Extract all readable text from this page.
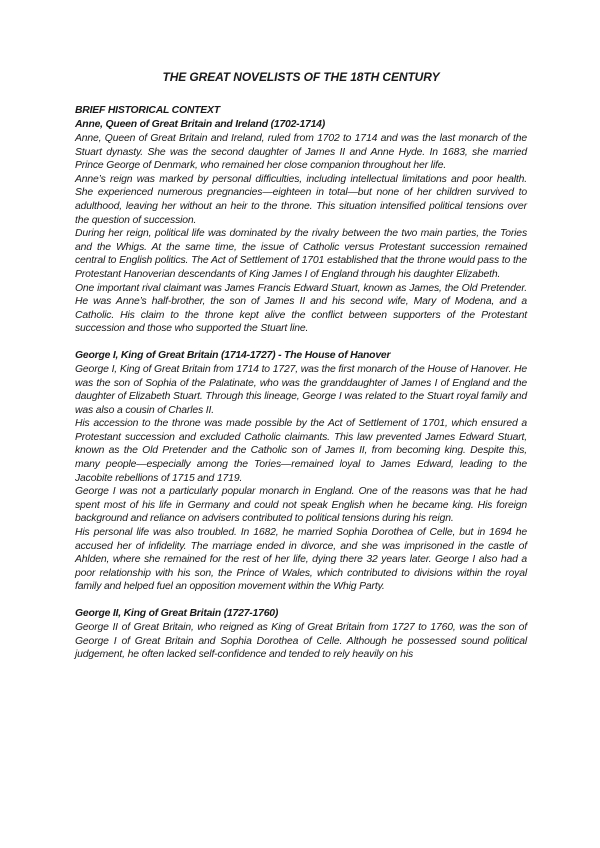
THE GREAT NOVELISTS OF THE 18TH CENTURY
BRIEF HISTORICAL CONTEXT
Anne, Queen of Great Britain and Ireland (1702-1714)

Anne, Queen of Great Britain and Ireland, ruled from 1702 to 1714 and was the last monarch of the Stuart dynasty. She was the second daughter of James II and Anne Hyde. In 1683, she married Prince George of Denmark, who remained her close companion throughout her life.

Anne’s reign was marked by personal difficulties, including intellectual limitations and poor health. She experienced numerous pregnancies—eighteen in total—but none of her children survived to adulthood, leaving her without an heir to the throne. This situation intensified political tensions over the question of succession.

During her reign, political life was dominated by the rivalry between the two main parties, the Tories and the Whigs. At the same time, the issue of Catholic versus Protestant succession remained central to English politics. The Act of Settlement of 1701 established that the throne would pass to the Protestant Hanoverian descendants of King James I of England through his daughter Elizabeth.

One important rival claimant was James Francis Edward Stuart, known as James, the Old Pretender. He was Anne’s half-brother, the son of James II and his second wife, Mary of Modena, and a Catholic. His claim to the throne kept alive the conflict between supporters of the Protestant succession and those who supported the Stuart line.

George I, King of Great Britain (1714-1727) - The House of Hanover

George I, King of Great Britain from 1714 to 1727, was the first monarch of the House of Hanover. He was the son of Sophia of the Palatinate, who was the granddaughter of James I of England and the daughter of Elizabeth Stuart. Through this lineage, George I was related to the Stuart royal family and was also a cousin of Charles II.

His accession to the throne was made possible by the Act of Settlement of 1701, which ensured a Protestant succession and excluded Catholic claimants. This law prevented James Edward Stuart, known as the Old Pretender and the Catholic son of James II, from becoming king. Despite this, many people—especially among the Tories—remained loyal to James Edward, leading to the Jacobite rebellions of 1715 and 1719.

George I was not a particularly popular monarch in England. One of the reasons was that he had spent most of his life in Germany and could not speak English when he became king. His foreign background and reliance on advisers contributed to political tensions during his reign.

His personal life was also troubled. In 1682, he married Sophia Dorothea of Celle, but in 1694 he accused her of infidelity. The marriage ended in divorce, and she was imprisoned in the castle of Ahlden, where she remained for the rest of her life, dying there 32 years later. George I also had a poor relationship with his son, the Prince of Wales, which contributed to divisions within the royal family and helped fuel an opposition movement within the Whig Party.

George II, King of Great Britain (1727-1760)

George II of Great Britain, who reigned as King of Great Britain from 1727 to 1760, was the son of George I of Great Britain and Sophia Dorothea of Celle. Although he possessed sound political judgement, he often lacked self-confidence and tended to rely heavily on his
